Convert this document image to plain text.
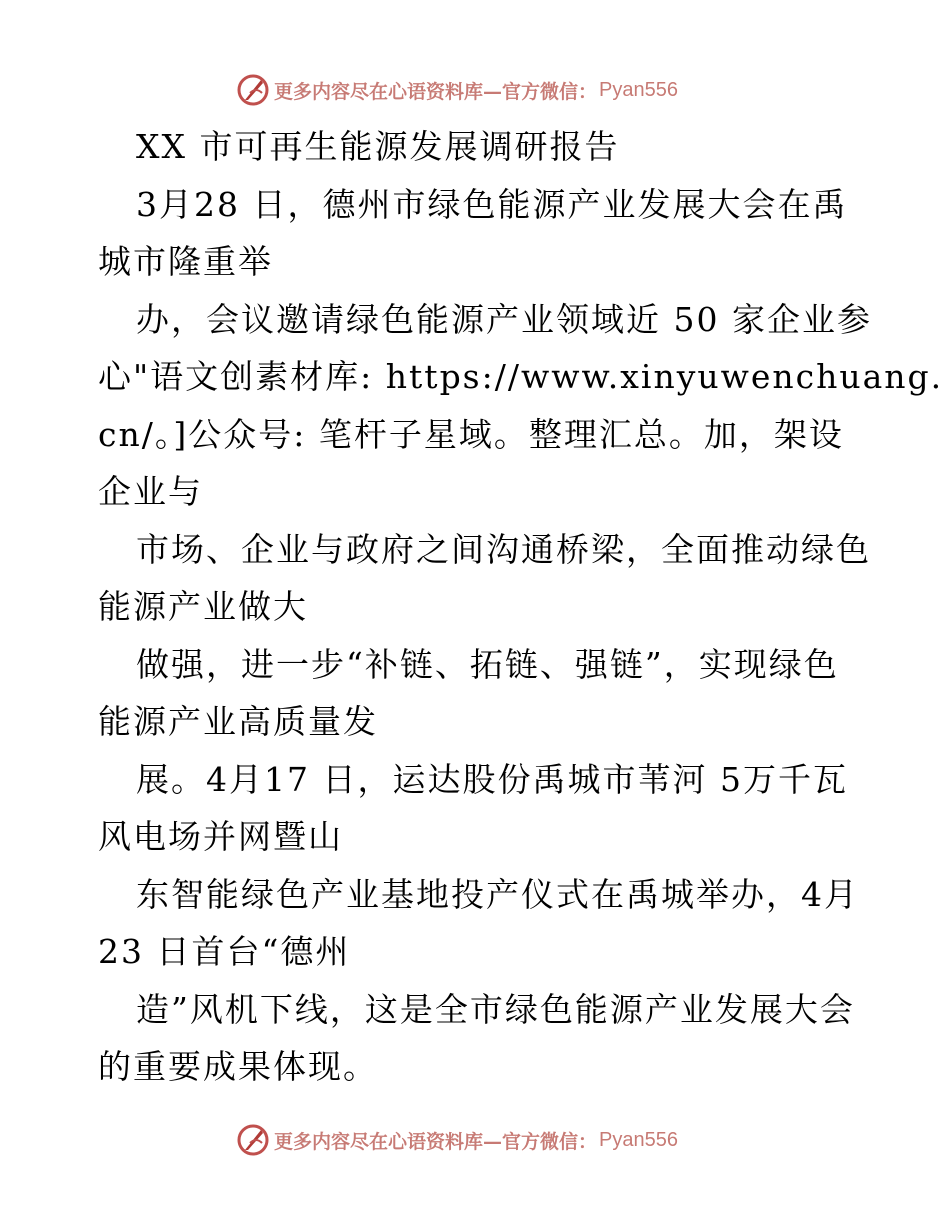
更多内容尽在心语资料库—官方微信： Pyan556
XX 市可再生能源发展调研报告
3月28 日，德州市绿色能源产业发展大会在禹
城市隆重举
办，会议邀请绿色能源产业领域近 50 家企业参
心"语文创素材库: https://www.xinyuwenchuang.
cn/。]公众号: 笔杆子星域。整理汇总。加，架设
企业与
市场、企业与政府之间沟通桥梁，全面推动绿色
能源产业做大
做强，进一步“补链、拓链、强链”，实现绿色
能源产业高质量发
展。4月17 日，运达股份禹城市苇河 5万千瓦
风电场并网暨山
东智能绿色产业基地投产仪式在禹城举办，4月
23 日首台“德州
造”风机下线，这是全市绿色能源产业发展大会
的重要成果体现。
更多内容尽在心语资料库—官方微信： Pyan556
